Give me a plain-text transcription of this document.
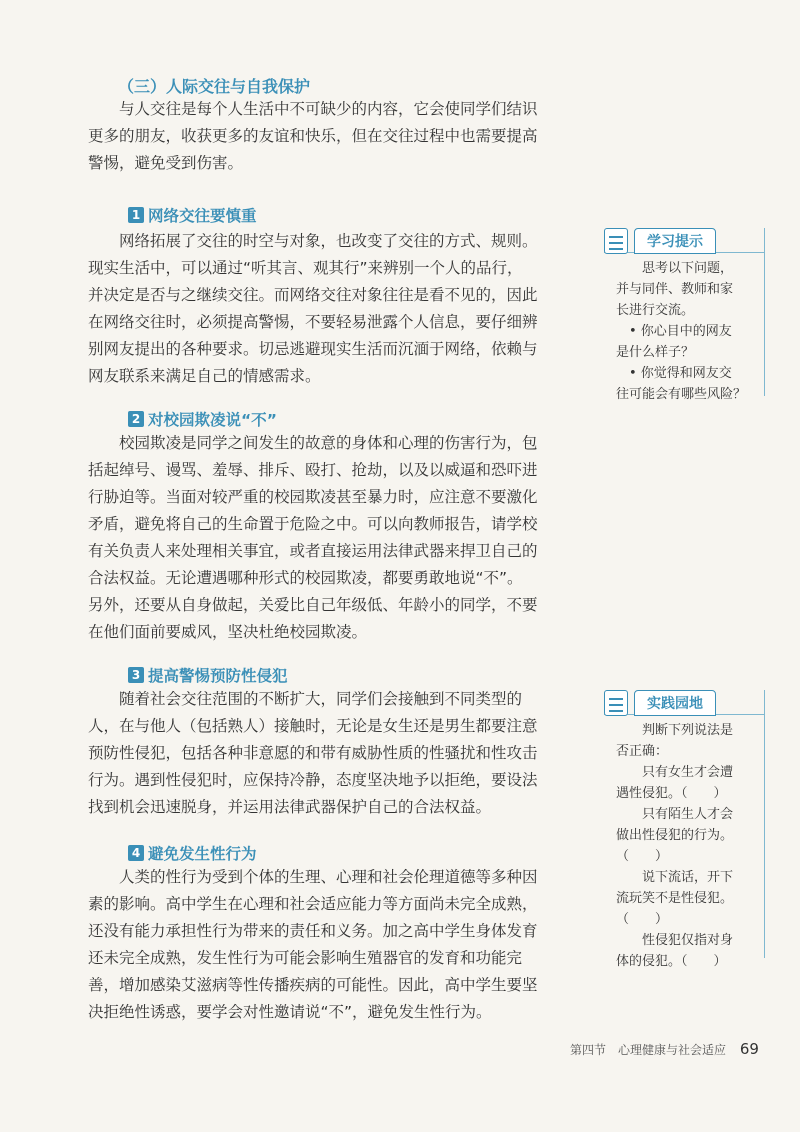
（三）人际交往与自我保护

与人交往是每个人生活中不可缺少的内容，它会使同学们结识
更多的朋友，收获更多的友谊和快乐，但在交往过程中也需要提高
警惕，避免受到伤害。

1 网络交往要慎重

网络拓展了交往的时空与对象，也改变了交往的方式、规则。
现实生活中，可以通过“听其言、观其行”来辨别一个人的品行，
并决定是否与之继续交往。而网络交往对象往往是看不见的，因此
在网络交往时，必须提高警惕，不要轻易泄露个人信息，要仔细辨
别网友提出的各种要求。切忌逃避现实生活而沉湎于网络，依赖与
网友联系来满足自己的情感需求。

2 对校园欺凌说“不”

校园欺凌是同学之间发生的故意的身体和心理的伤害行为，包
括起绰号、谩骂、羞辱、排斥、殴打、抢劫，以及以威逼和恐吓进
行胁迫等。当面对较严重的校园欺凌甚至暴力时，应注意不要激化
矛盾，避免将自己的生命置于危险之中。可以向教师报告，请学校
有关负责人来处理相关事宜，或者直接运用法律武器来捍卫自己的
合法权益。无论遭遇哪种形式的校园欺凌，都要勇敢地说“不”。
另外，还要从自身做起，关爱比自己年级低、年龄小的同学，不要
在他们面前要威风，坚决杜绝校园欺凌。

3 提高警惕预防性侵犯

随着社会交往范围的不断扩大，同学们会接触到不同类型的
人，在与他人（包括熟人）接触时，无论是女生还是男生都要注意
预防性侵犯，包括各种非意愿的和带有威胁性质的性骚扰和性攻击
行为。遇到性侵犯时，应保持冷静，态度坚决地予以拒绝，要设法
找到机会迅速脱身，并运用法律武器保护自己的合法权益。

4 避免发生性行为

人类的性行为受到个体的生理、心理和社会伦理道德等多种因
素的影响。高中学生在心理和社会适应能力等方面尚未完全成熟，
还没有能力承担性行为带来的责任和义务。加之高中学生身体发育
还未完全成熟，发生性行为可能会影响生殖器官的发育和功能完
善，增加感染艾滋病等性传播疾病的可能性。因此，高中学生要坚
决拒绝性诱惑，要学会对性邀请说“不”，避免发生性行为。

学习提示
　　思考以下问题，
并与同伴、教师和家
长进行交流。
　• 你心目中的网友
是什么样子？
　• 你觉得和网友交
往可能会有哪些风险？
实践园地
　　判断下列说法是
否正确：
　　只有女生才会遭
遇性侵犯。（　　）
　　只有陌生人才会
做出性侵犯的行为。
（　　）
　　说下流话，开下
流玩笑不是性侵犯。
（　　）
　　性侵犯仅指对身
体的侵犯。（　　）
第四节　心理健康与社会适应 69
